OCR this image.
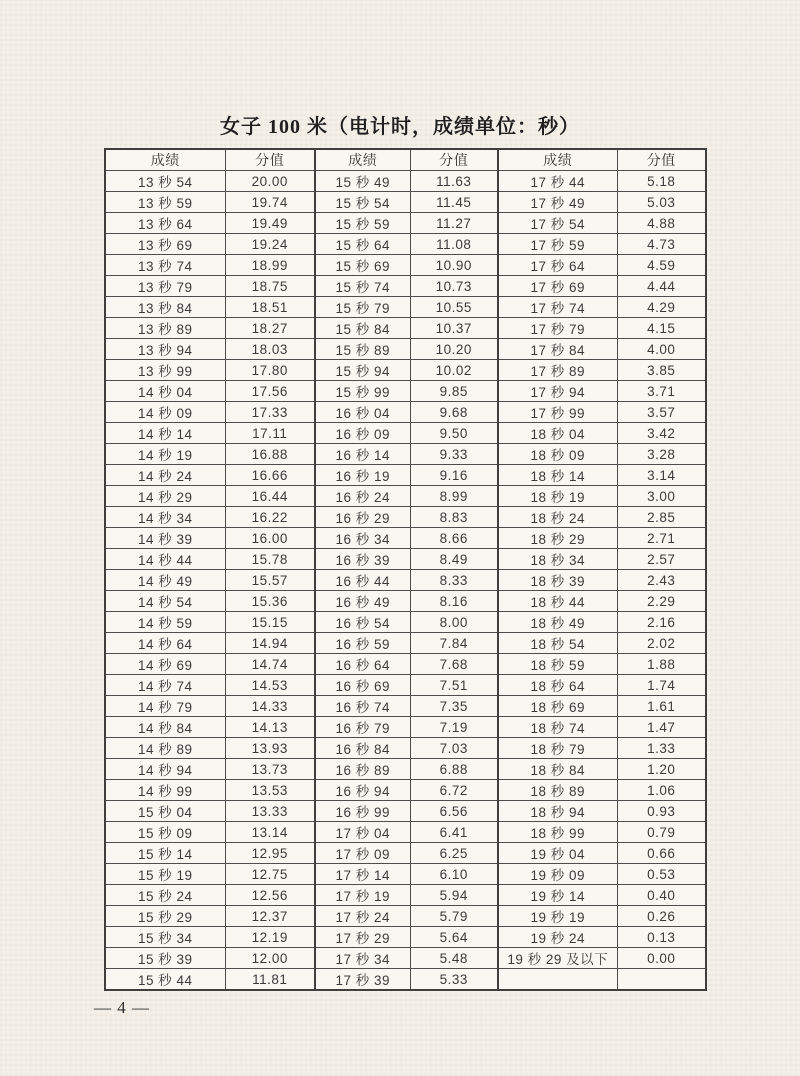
女子 100 米（电计时，成绩单位：秒）
成绩	分值	成绩	分值	成绩	分值
13 秒 54	20.00	15 秒 49	11.63	17 秒 44	5.18
13 秒 59	19.74	15 秒 54	11.45	17 秒 49	5.03
13 秒 64	19.49	15 秒 59	11.27	17 秒 54	4.88
13 秒 69	19.24	15 秒 64	11.08	17 秒 59	4.73
13 秒 74	18.99	15 秒 69	10.90	17 秒 64	4.59
13 秒 79	18.75	15 秒 74	10.73	17 秒 69	4.44
13 秒 84	18.51	15 秒 79	10.55	17 秒 74	4.29
13 秒 89	18.27	15 秒 84	10.37	17 秒 79	4.15
13 秒 94	18.03	15 秒 89	10.20	17 秒 84	4.00
13 秒 99	17.80	15 秒 94	10.02	17 秒 89	3.85
14 秒 04	17.56	15 秒 99	9.85	17 秒 94	3.71
14 秒 09	17.33	16 秒 04	9.68	17 秒 99	3.57
14 秒 14	17.11	16 秒 09	9.50	18 秒 04	3.42
14 秒 19	16.88	16 秒 14	9.33	18 秒 09	3.28
14 秒 24	16.66	16 秒 19	9.16	18 秒 14	3.14
14 秒 29	16.44	16 秒 24	8.99	18 秒 19	3.00
14 秒 34	16.22	16 秒 29	8.83	18 秒 24	2.85
14 秒 39	16.00	16 秒 34	8.66	18 秒 29	2.71
14 秒 44	15.78	16 秒 39	8.49	18 秒 34	2.57
14 秒 49	15.57	16 秒 44	8.33	18 秒 39	2.43
14 秒 54	15.36	16 秒 49	8.16	18 秒 44	2.29
14 秒 59	15.15	16 秒 54	8.00	18 秒 49	2.16
14 秒 64	14.94	16 秒 59	7.84	18 秒 54	2.02
14 秒 69	14.74	16 秒 64	7.68	18 秒 59	1.88
14 秒 74	14.53	16 秒 69	7.51	18 秒 64	1.74
14 秒 79	14.33	16 秒 74	7.35	18 秒 69	1.61
14 秒 84	14.13	16 秒 79	7.19	18 秒 74	1.47
14 秒 89	13.93	16 秒 84	7.03	18 秒 79	1.33
14 秒 94	13.73	16 秒 89	6.88	18 秒 84	1.20
14 秒 99	13.53	16 秒 94	6.72	18 秒 89	1.06
15 秒 04	13.33	16 秒 99	6.56	18 秒 94	0.93
15 秒 09	13.14	17 秒 04	6.41	18 秒 99	0.79
15 秒 14	12.95	17 秒 09	6.25	19 秒 04	0.66
15 秒 19	12.75	17 秒 14	6.10	19 秒 09	0.53
15 秒 24	12.56	17 秒 19	5.94	19 秒 14	0.40
15 秒 29	12.37	17 秒 24	5.79	19 秒 19	0.26
15 秒 34	12.19	17 秒 29	5.64	19 秒 24	0.13
15 秒 39	12.00	17 秒 34	5.48	19 秒 29 及以下	0.00
15 秒 44	11.81	17 秒 39	5.33		
— 4 —
